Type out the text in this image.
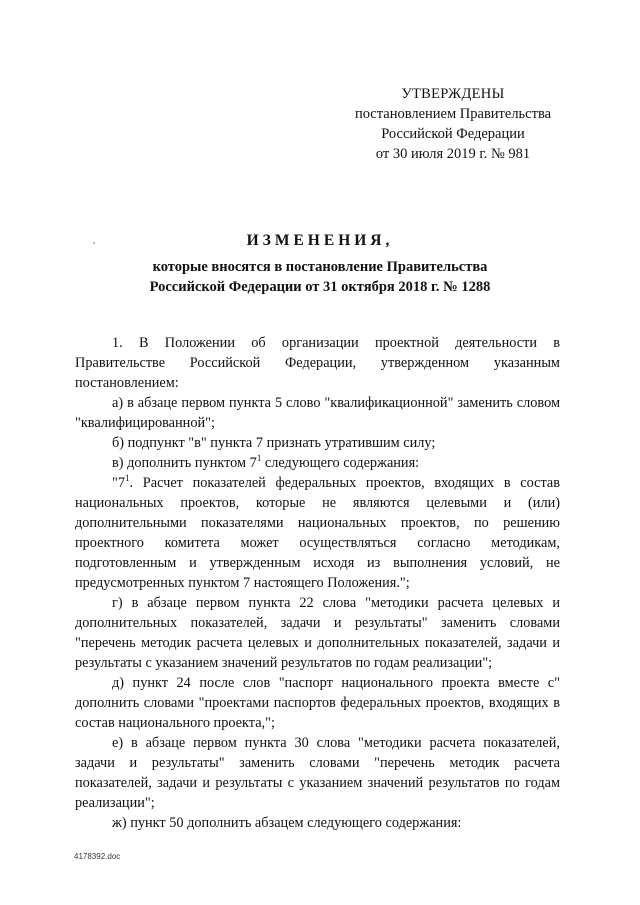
УТВЕРЖДЕНЫ
постановлением Правительства
Российской Федерации
от 30 июля 2019 г. № 981
ИЗМЕНЕНИЯ,
которые вносятся в постановление Правительства
Российской Федерации от 31 октября 2018 г. № 1288

1. В Положении об организации проектной деятельности в Правительстве Российской Федерации, утвержденном указанным постановлением:

а) в абзаце первом пункта 5 слово "квалификационной" заменить словом "квалифицированной";

б) подпункт "в" пункта 7 признать утратившим силу;

в) дополнить пунктом $7^1$ следующего содержания:

"$7^1$. Расчет показателей федеральных проектов, входящих в состав национальных проектов, которые не являются целевыми и (или) дополнительными показателями национальных проектов, по решению проектного комитета может осуществляться согласно методикам, подготовленным и утвержденным исходя из выполнения условий, не предусмотренных пунктом 7 настоящего Положения.";

г) в абзаце первом пункта 22 слова "методики расчета целевых и дополнительных показателей, задачи и результаты" заменить словами "перечень методик расчета целевых и дополнительных показателей, задачи и результаты с указанием значений результатов по годам реализации";

д) пункт 24 после слов "паспорт национального проекта вместе с" дополнить словами "проектами паспортов федеральных проектов, входящих в состав национального проекта,";

е) в абзаце первом пункта 30 слова "методики расчета показателей, задачи и результаты" заменить словами "перечень методик расчета показателей, задачи и результаты с указанием значений результатов по годам реализации";

ж) пункт 50 дополнить абзацем следующего содержания:

4178392.doc
